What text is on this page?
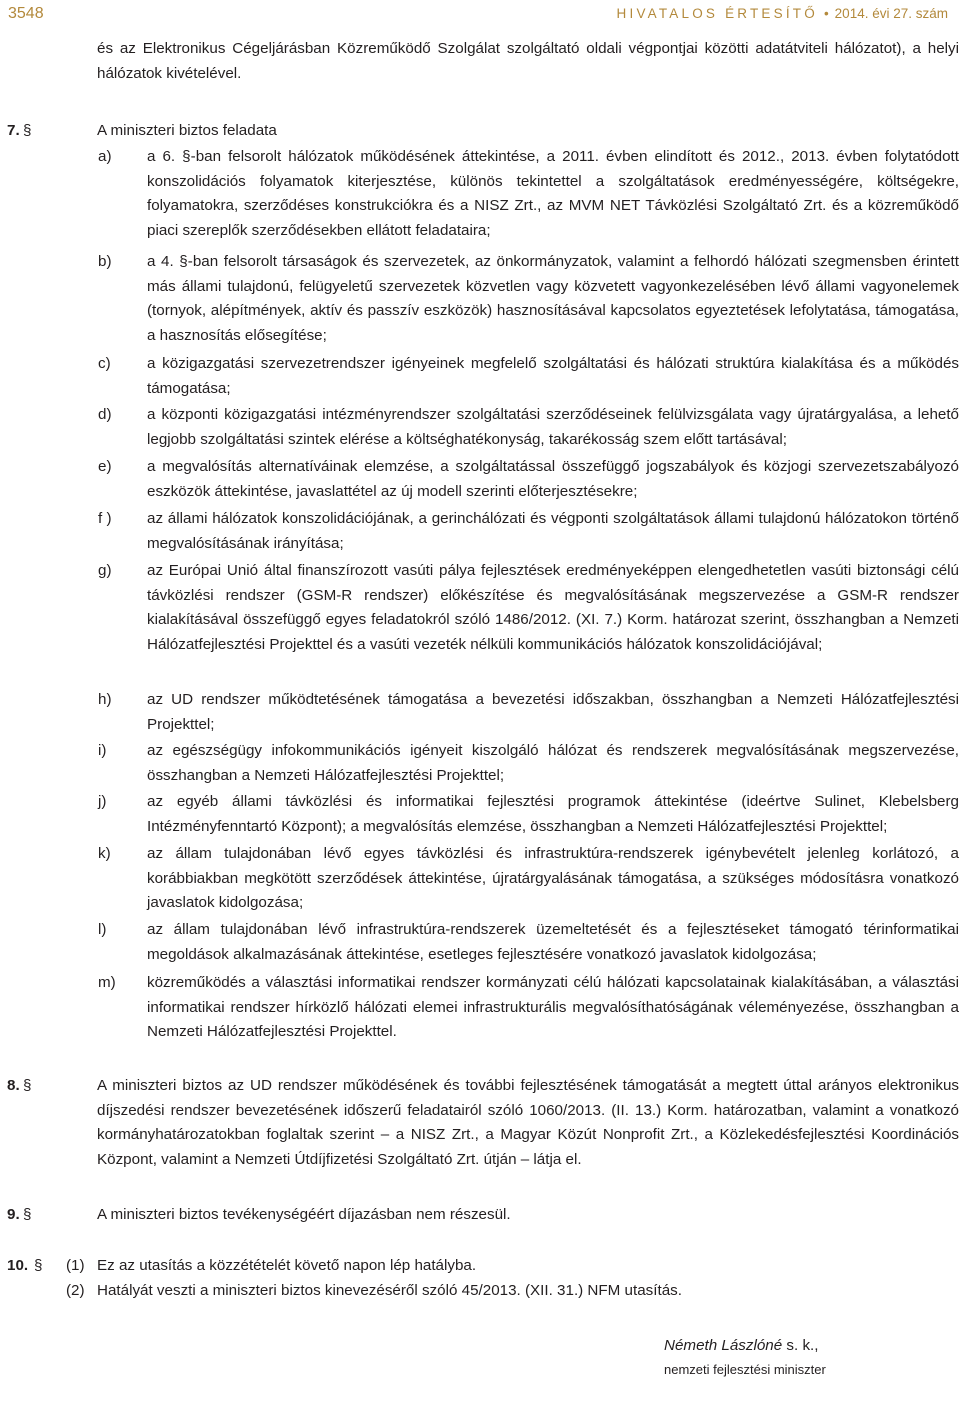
3548	HIVATALOS ÉRTESÍTŐ • 2014. évi 27. szám
és az Elektronikus Cégeljárásban Közreműködő Szolgálat szolgáltató oldali végpontjai közötti adatátviteli hálózatot), a helyi hálózatok kivételével.
7. §	A miniszteri biztos feladata
a) a 6. §-ban felsorolt hálózatok működésének áttekintése, a 2011. évben elindított és 2012., 2013. évben folytatódott konszolidációs folyamatok kiterjesztése, különös tekintettel a szolgáltatások eredményességére, költségekre, folyamatokra, szerződéses konstrukciókra és a NISZ Zrt., az MVM NET Távközlési Szolgáltató Zrt. és a közreműködő piaci szereplők szerződésekben ellátott feladataira;
b) a 4. §-ban felsorolt társaságok és szervezetek, az önkormányzatok, valamint a felhordó hálózati szegmensben érintett más állami tulajdonú, felügyeletű szervezetek közvetlen vagy közvetett vagyonkezelésében lévő állami vagyonelemek (tornyok, alépítmények, aktív és passzív eszközök) hasznosításával kapcsolatos egyeztetések lefolytatása, támogatása, a hasznosítás elősegítése;
c) a közigazgatási szervezetrendszer igényeinek megfelelő szolgáltatási és hálózati struktúra kialakítása és a működés támogatása;
d) a központi közigazgatási intézményrendszer szolgáltatási szerződéseinek felülvizsgálata vagy újratárgyalása, a lehető legjobb szolgáltatási szintek elérése a költséghatékonyság, takarékosság szem előtt tartásával;
e) a megvalósítás alternatíváinak elemzése, a szolgáltatással összefüggő jogszabályok és közjogi szervezetszabályozó eszközök áttekintése, javaslattétel az új modell szerinti előterjesztésekre;
f ) az állami hálózatok konszolidációjának, a gerinchálózati és végponti szolgáltatások állami tulajdonú hálózatokon történő megvalósításának irányítása;
g) az Európai Unió által finanszírozott vasúti pálya fejlesztések eredményeképpen elengedhetetlen vasúti biztonsági célú távközlési rendszer (GSM-R rendszer) előkészítése és megvalósításának megszervezése a GSM-R rendszer kialakításával összefüggő egyes feladatokról szóló 1486/2012. (XI. 7.) Korm. határozat szerint, összhangban a Nemzeti Hálózatfejlesztési Projekttel és a vasúti vezeték nélküli kommunikációs hálózatok konszolidációjával;
h) az UD rendszer működtetésének támogatása a bevezetési időszakban, összhangban a Nemzeti Hálózatfejlesztési Projekttel;
i)	az egészségügy infokommunikációs igényeit kiszolgáló hálózat és rendszerek megvalósításának megszervezése, összhangban a Nemzeti Hálózatfejlesztési Projekttel;
j)	az egyéb állami távközlési és informatikai fejlesztési programok áttekintése (ideértve Sulinet, Klebelsberg Intézményfenntartó Központ); a megvalósítás elemzése, összhangban a Nemzeti Hálózatfejlesztési Projekttel;
k) az állam tulajdonában lévő egyes távközlési és infrastruktúra-rendszerek igénybevételt jelenleg korlátozó, a korábbiakban megkötött szerződések áttekintése, újratárgyalásának támogatása, a szükséges módosításra vonatkozó javaslatok kidolgozása;
l)	az állam tulajdonában lévő infrastruktúra-rendszerek üzemeltetését és a fejlesztéseket támogató térinformatikai megoldások alkalmazásának áttekintése, esetleges fejlesztésére vonatkozó javaslatok kidolgozása;
m) közreműködés a választási informatikai rendszer kormányzati célú hálózati kapcsolatainak kialakításában, a választási informatikai rendszer hírközlő hálózati elemei infrastrukturális megvalósíthatóságának véleményezése, összhangban a Nemzeti Hálózatfejlesztési Projekttel.
8. §	A miniszteri biztos az UD rendszer működésének és további fejlesztésének támogatását a megtett úttal arányos elektronikus díjszedési rendszer bevezetésének időszerű feladatairól szóló 1060/2013. (II. 13.) Korm. határozatban, valamint a vonatkozó kormányhatározatokban foglaltak szerint – a NISZ Zrt., a Magyar Közút Nonprofit Zrt., a Közlekedésfejlesztési Koordinációs Központ, valamint a Nemzeti Útdíjfizetési Szolgáltató Zrt. útján – látja el.
9. §	A miniszteri biztos tevékenységéért díjazásban nem részesül.
10. § (1) Ez az utasítás a közzétételét követő napon lép hatályba.
(2) Hatályát veszti a miniszteri biztos kinevezéséről szóló 45/2013. (XII. 31.) NFM utasítás.
Németh Lászlóné s. k.,
nemzeti fejlesztési miniszter
